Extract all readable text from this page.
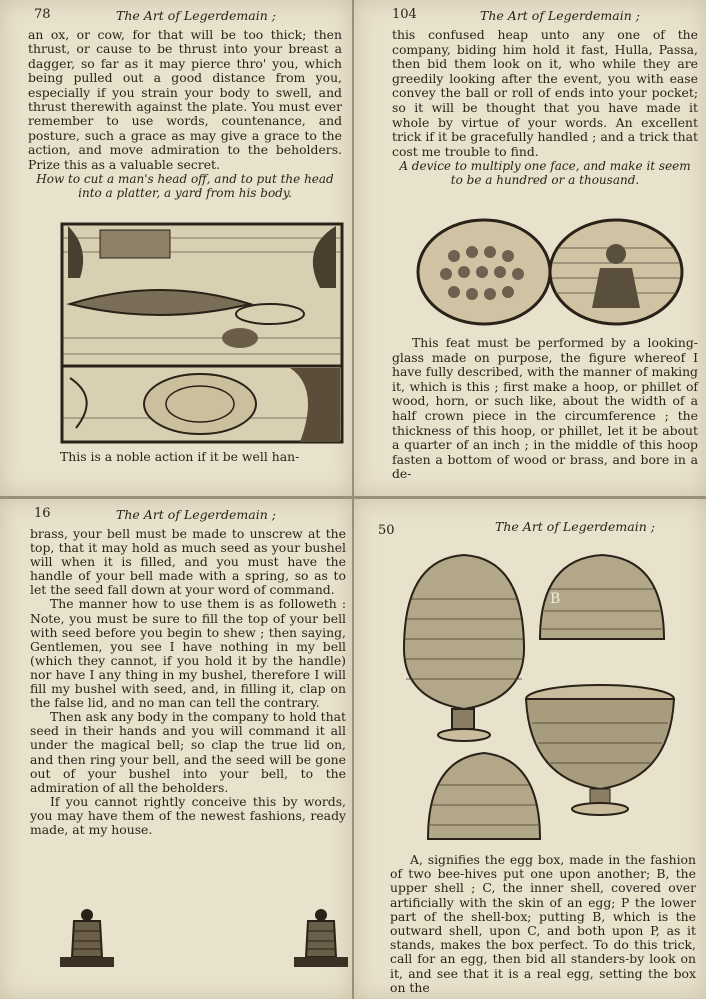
78	The Art of Legerdemain ;

an ox, or cow, for that will be too thick; then thrust, or cause to be thrust into your breast a dagger, so far as it may pierce thro' you, which being pulled out a good distance from you, especially if you strain your body to swell, and thrust therewith against the plate. You must ever remember to use words, countenance, and posture, such a grace as may give a grace to the action, and move admiration to the beholders. Prize this as a valuable secret.

How to cut a man's head off, and to put the head into a platter, a yard from his body.

This is a noble action if it be well han-

104	The Art of Legerdemain ;

this confused heap unto any one of the company, biding him hold it fast, Hulla, Passa, then bid them look on it, who while they are greedily looking after the event, you with ease convey the ball or roll of ends into your pocket; so it will be thought that you have made it whole by virtue of your words. An excellent trick if it be gracefully handled ; and a trick that cost me trouble to find.

A device to multiply one face, and make it seem to be a hundred or a thousand.

This feat must be performed by a looking-glass made on purpose, the figure whereof I have fully described, with the manner of making it, which is this ; first make a hoop, or phillet of wood, horn, or such like, about the width of a half crown piece in the circumference ; the thickness of this hoop, or phillet, let it be about a quarter of an inch ; in the middle of this hoop fasten a bottom of wood or brass, and bore in a de-

16	The Art of Legerdemain ;

brass, your bell must be made to unscrew at the top, that it may hold as much seed as your bushel will when it is filled, and you must have the handle of your bell made with a spring, so as to let the seed fall down at your word of command.

The manner how to use them is as followeth : Note, you must be sure to fill the top of your bell with seed before you begin to shew ; then saying, Gentlemen, you see I have nothing in my bell (which they cannot, if you hold it by the handle) nor have I any thing in my bushel, therefore I will fill my bushel with seed, and, in filling it, clap on the false lid, and no man can tell the contrary.

Then ask any body in the company to hold that seed in their hands and you will command it all under the magical bell; so clap the true lid on, and then ring your bell, and the seed will be gone out of your bushel into your bell, to the admiration of all the beholders.

If you cannot rightly conceive this by words, you may have them of the newest fashions, ready made, at my house.

50	The Art of Legerdemain ;
B

A, signifies the egg box, made in the fashion of two bee-hives put one upon another; B, the upper shell ; C, the inner shell, covered over artificially with the skin of an egg; P the lower part of the shell-box; putting B, which is the outward shell, upon C, and both upon P, as it stands, makes the box perfect. To do this trick, call for an egg, then bid all standers-by look on it, and see that it is a real egg, setting the box on the
